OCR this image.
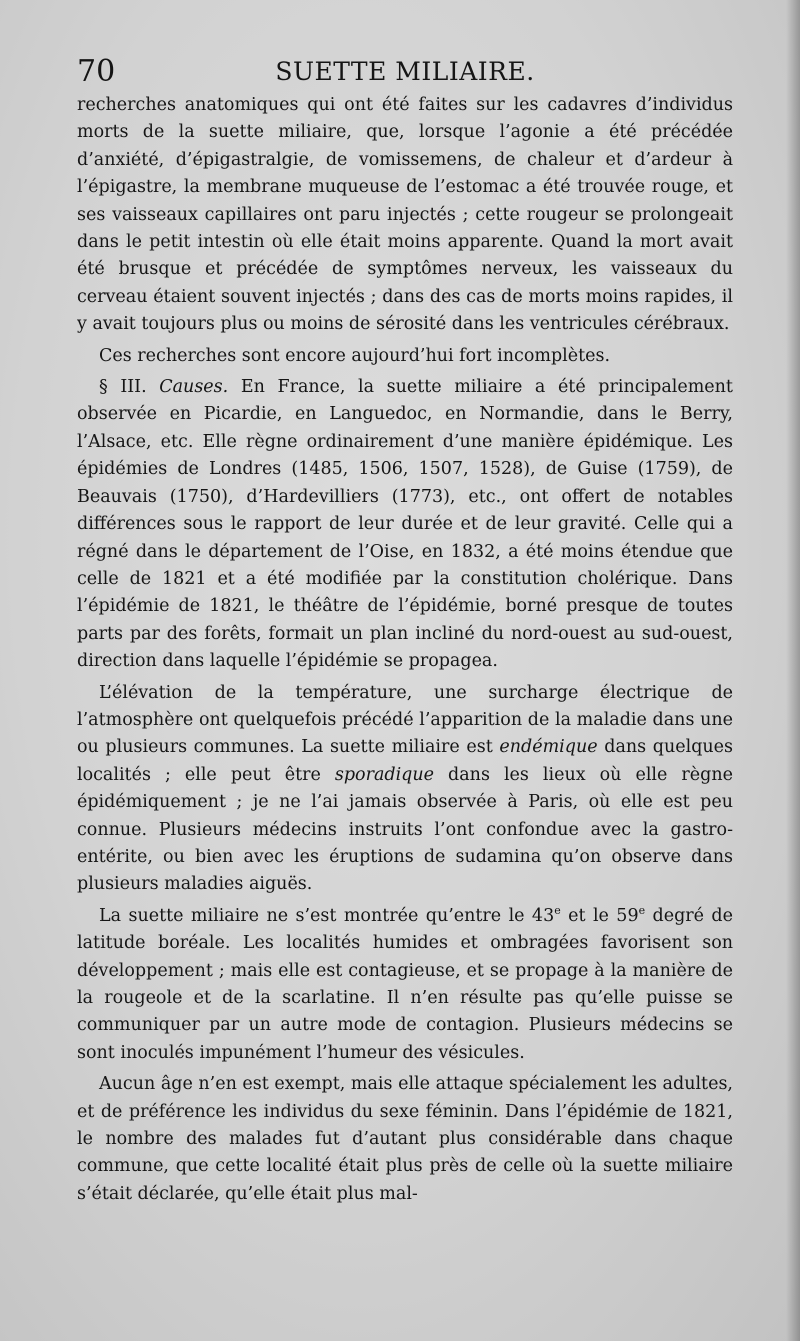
70	SUETTE MILIAIRE.

recherches anatomiques qui ont été faites sur les cadavres d’individus morts de la suette miliaire, que, lorsque l’agonie a été précédée d’anxiété, d’épigastralgie, de vomissemens, de chaleur et d’ardeur à l’épigastre, la membrane muqueuse de l’estomac a été trouvée rouge, et ses vaisseaux capillaires ont paru injectés ; cette rougeur se prolongeait dans le petit intestin où elle était moins apparente. Quand la mort avait été brusque et précédée de symptômes nerveux, les vaisseaux du cerveau étaient souvent injectés ; dans des cas de morts moins rapides, il y avait toujours plus ou moins de sérosité dans les ventricules cérébraux.

Ces recherches sont encore aujourd’hui fort incomplètes.

§ III. Causes. En France, la suette miliaire a été principalement observée en Picardie, en Languedoc, en Normandie, dans le Berry, l’Alsace, etc. Elle règne ordinairement d’une manière épidémique. Les épidémies de Londres (1485, 1506, 1507, 1528), de Guise (1759), de Beauvais (1750), d’Hardevilliers (1773), etc., ont offert de notables différences sous le rapport de leur durée et de leur gravité. Celle qui a régné dans le département de l’Oise, en 1832, a été moins étendue que celle de 1821 et a été modifiée par la constitution cholérique. Dans l’épidémie de 1821, le théâtre de l’épidémie, borné presque de toutes parts par des forêts, formait un plan incliné du nord-ouest au sud-ouest, direction dans laquelle l’épidémie se propagea.

L’élévation de la température, une surcharge électrique de l’atmosphère ont quelquefois précédé l’apparition de la maladie dans une ou plusieurs communes. La suette miliaire est endémique dans quelques localités ; elle peut être sporadique dans les lieux où elle règne épidémiquement ; je ne l’ai jamais observée à Paris, où elle est peu connue. Plusieurs médecins instruits l’ont confondue avec la gastro-entérite, ou bien avec les éruptions de sudamina qu’on observe dans plusieurs maladies aiguës.

La suette miliaire ne s’est montrée qu’entre le 43e et le 59e degré de latitude boréale. Les localités humides et ombragées favorisent son développement ; mais elle est contagieuse, et se propage à la manière de la rougeole et de la scarlatine. Il n’en résulte pas qu’elle puisse se communiquer par un autre mode de contagion. Plusieurs médecins se sont inoculés impunément l’humeur des vésicules.

Aucun âge n’en est exempt, mais elle attaque spécialement les adultes, et de préférence les individus du sexe féminin. Dans l’épidémie de 1821, le nombre des malades fut d’autant plus considérable dans chaque commune, que cette localité était plus près de celle où la suette miliaire s’était déclarée, qu’elle était plus mal-
